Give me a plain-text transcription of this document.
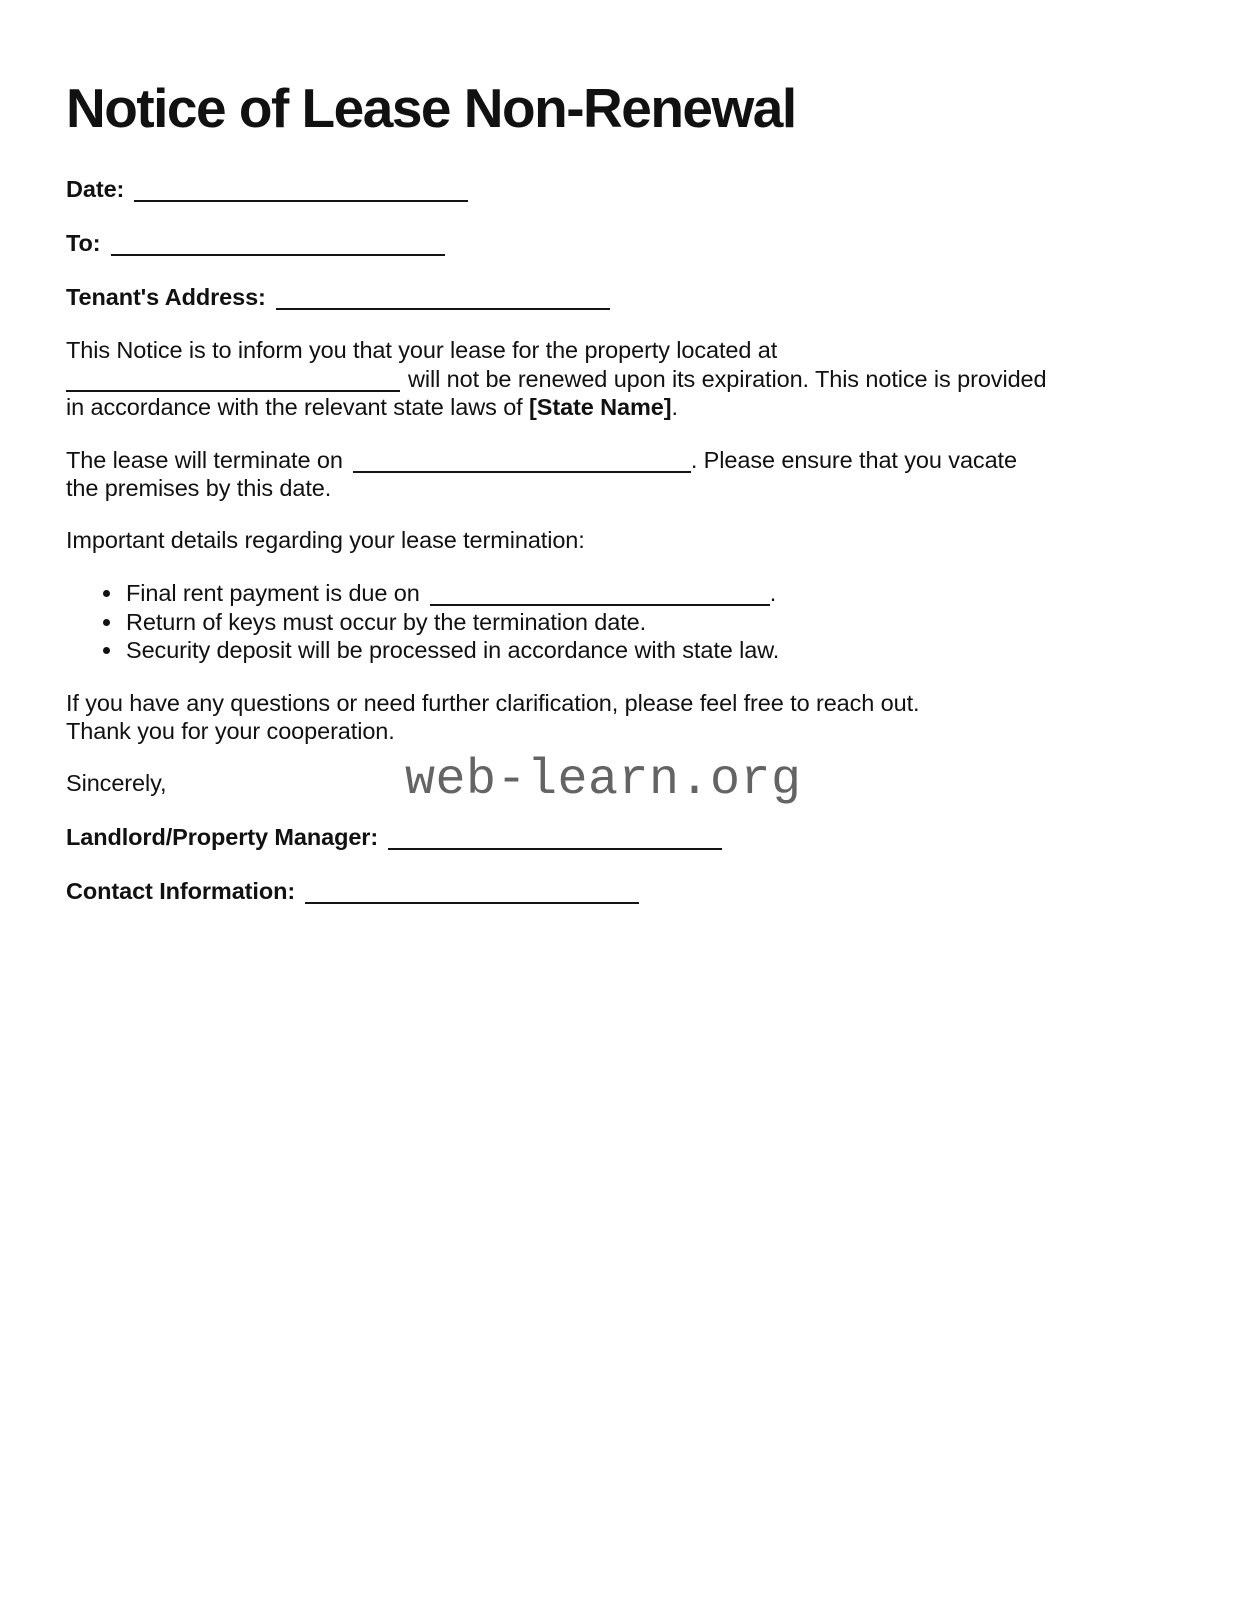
Notice of Lease Non-Renewal
Date:
To:
Tenant's Address:

This Notice is to inform you that your lease for the property located at
will not be renewed upon its expiration. This notice is provided
in accordance with the relevant state laws of [State Name].

The lease will terminate on	. Please ensure that you vacate
the premises by this date.

Important details regarding your lease termination:

• Final rent payment is due on	.
• Return of keys must occur by the termination date.
• Security deposit will be processed in accordance with state law.

If you have any questions or need further clarification, please feel free to reach out.
Thank you for your cooperation.

Sincerely,

Landlord/Property Manager:
Contact Information:
web-learn.org
